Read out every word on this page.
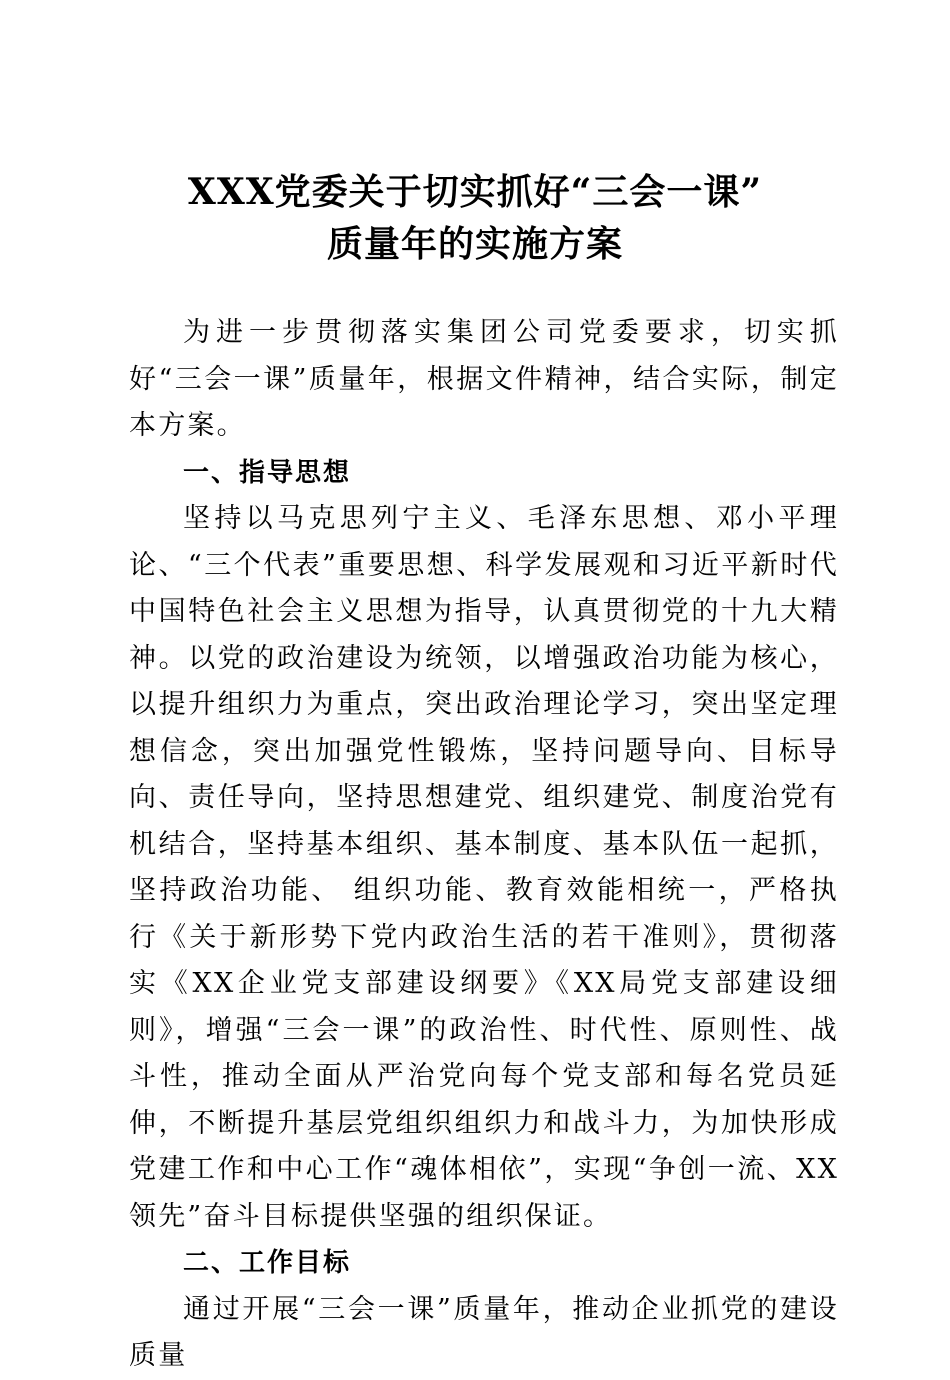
XXX党委关于切实抓好“三会一课”
质量年的实施方案

为进一步贯彻落实集团公司党委要求，切实抓好“三会一课”质量年，根据文件精神，结合实际，制定本方案。

一、指导思想

坚持以马克思列宁主义、毛泽东思想、邓小平理论、“三个代表”重要思想、科学发展观和习近平新时代中国特色社会主义思想为指导，认真贯彻党的十九大精神。以党的政治建设为统领，以增强政治功能为核心，以提升组织力为重点，突出政治理论学习，突出坚定理想信念，突出加强党性锻炼，坚持问题导向、目标导向、责任导向，坚持思想建党、组织建党、制度治党有机结合，坚持基本组织、基本制度、基本队伍一起抓，坚持政治功能、 组织功能、教育效能相统一，严格执行《关于新形势下党内政治生活的若干准则》，贯彻落实《XX企业党支部建设纲要》《XX局党支部建设细则》，增强“三会一课”的政治性、时代性、原则性、战斗性，推动全面从严治党向每个党支部和每名党员延伸，不断提升基层党组织组织力和战斗力，为加快形成党建工作和中心工作“魂体相依”，实现“争创一流、XX领先”奋斗目标提供坚强的组织保证。

二、工作目标

通过开展“三会一课”质量年，推动企业抓党的建设质量
